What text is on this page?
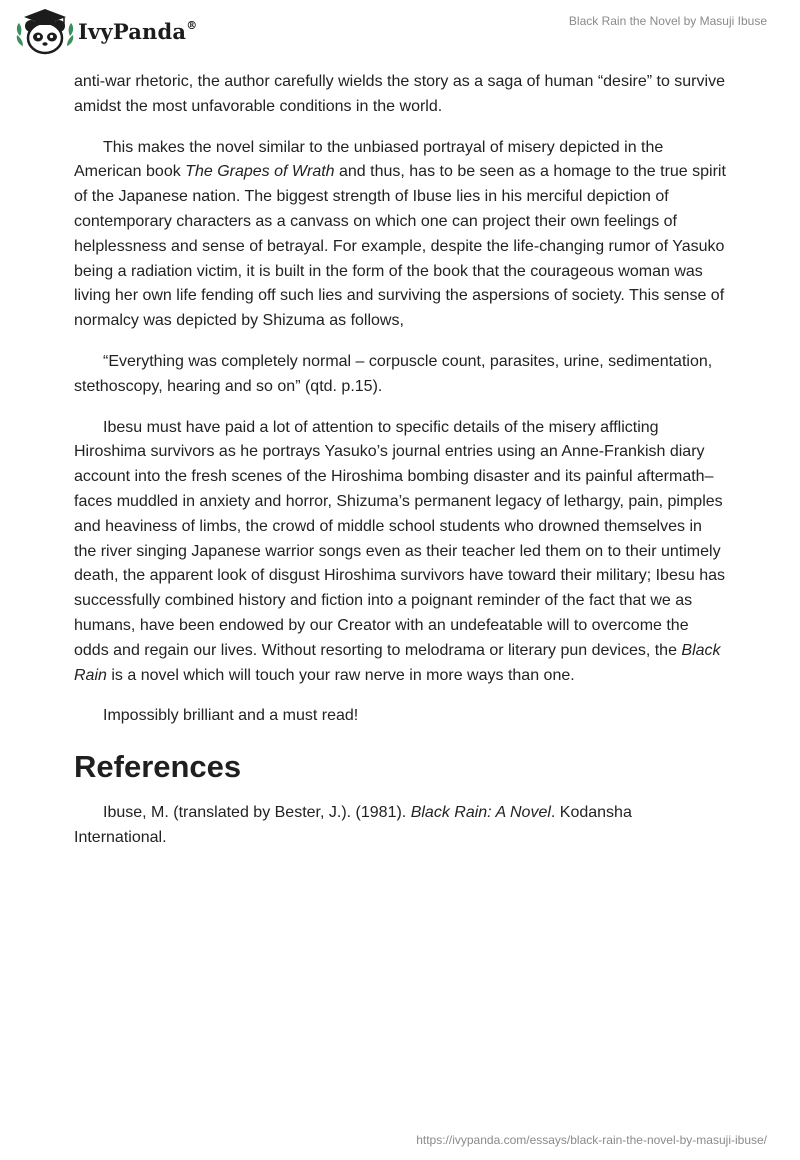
IvyPanda®	Black Rain the Novel by Masuji Ibuse

anti-war rhetoric, the author carefully wields the story as a saga of human “desire” to survive amidst the most unfavorable conditions in the world.

This makes the novel similar to the unbiased portrayal of misery depicted in the American book The Grapes of Wrath and thus, has to be seen as a homage to the true spirit of the Japanese nation. The biggest strength of Ibuse lies in his merciful depiction of contemporary characters as a canvass on which one can project their own feelings of helplessness and sense of betrayal. For example, despite the life-changing rumor of Yasuko being a radiation victim, it is built in the form of the book that the courageous woman was living her own life fending off such lies and surviving the aspersions of society. This sense of normalcy was depicted by Shizuma as follows,

“Everything was completely normal – corpuscle count, parasites, urine, sedimentation, stethoscopy, hearing and so on” (qtd. p.15).

Ibesu must have paid a lot of attention to specific details of the misery afflicting Hiroshima survivors as he portrays Yasuko’s journal entries using an Anne-Frankish diary account into the fresh scenes of the Hiroshima bombing disaster and its painful aftermath– faces muddled in anxiety and horror, Shizuma’s permanent legacy of lethargy, pain, pimples and heaviness of limbs, the crowd of middle school students who drowned themselves in the river singing Japanese warrior songs even as their teacher led them on to their untimely death, the apparent look of disgust Hiroshima survivors have toward their military; Ibesu has successfully combined history and fiction into a poignant reminder of the fact that we as humans, have been endowed by our Creator with an undefeatable will to overcome the odds and regain our lives. Without resorting to melodrama or literary pun devices, the Black Rain is a novel which will touch your raw nerve in more ways than one.

Impossibly brilliant and a must read!

References

Ibuse, M. (translated by Bester, J.). (1981). Black Rain: A Novel. Kodansha International.

https://ivypanda.com/essays/black-rain-the-novel-by-masuji-ibuse/
